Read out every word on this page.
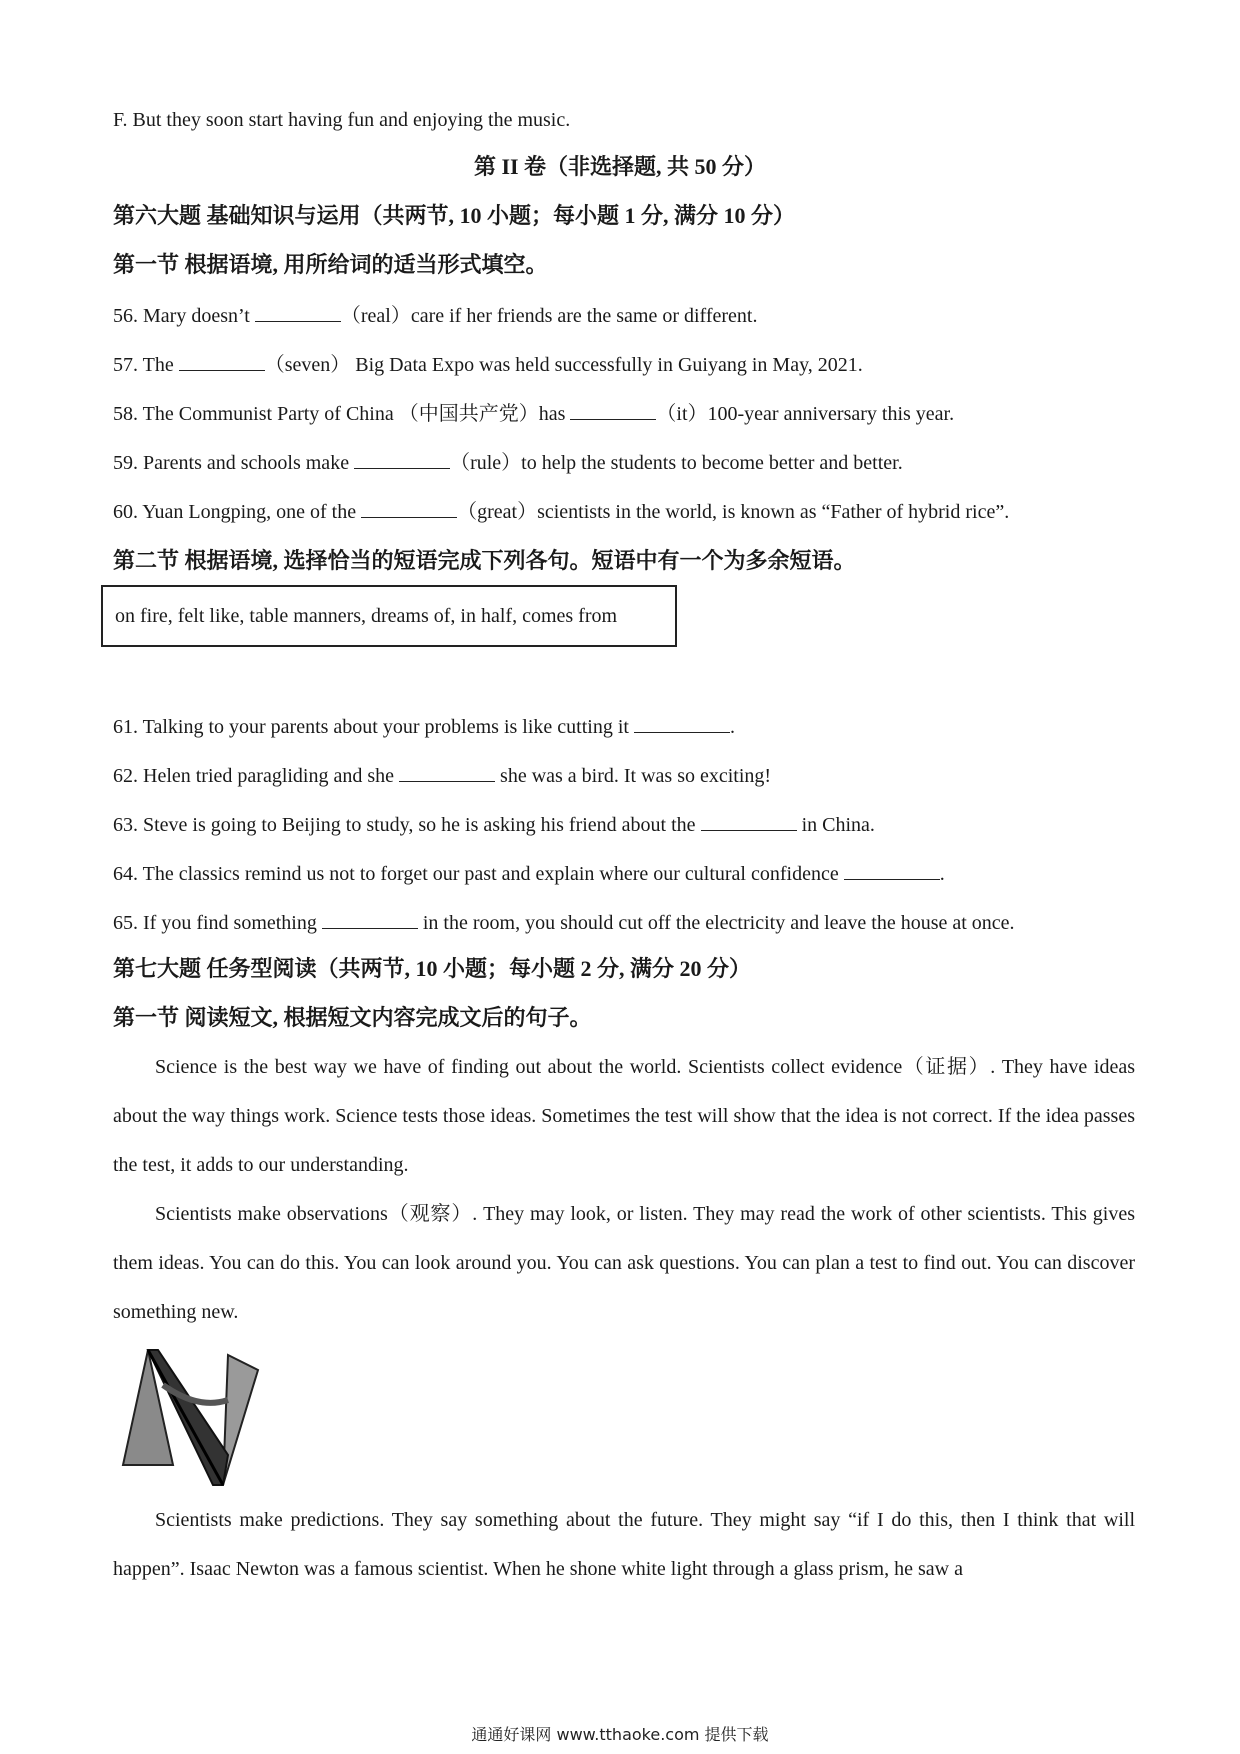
F. But they soon start having fun and enjoying the music.
第 II 卷（非选择题, 共 50 分）
第六大题 基础知识与运用（共两节, 10 小题；每小题 1 分, 满分 10 分）
第一节 根据语境, 用所给词的适当形式填空。
56. Mary doesn’t	（real）care if her friends are the same or different.
57. The	（seven） Big Data Expo was held successfully in Guiyang in May, 2021.
58. The Communist Party of China （中国共产党）has	（it）100-year anniversary this year.
59. Parents and schools make	（rule）to help the students to become better and better.
60. Yuan Longping, one of the	（great）scientists in the world, is known as “Father of hybrid rice”.
第二节 根据语境, 选择恰当的短语完成下列各句。短语中有一个为多余短语。
on fire, felt like, table manners, dreams of, in half, comes from
61. Talking to your parents about your problems is like cutting it	.
62. Helen tried paragliding and she	she was a bird. It was so exciting!
63. Steve is going to Beijing to study, so he is asking his friend about the	in China.
64. The classics remind us not to forget our past and explain where our cultural confidence	.
65. If you find something	in the room, you should cut off the electricity and leave the house at once.
第七大题 任务型阅读（共两节, 10 小题；每小题 2 分, 满分 20 分）
第一节 阅读短文, 根据短文内容完成文后的句子。
Science is the best way we have of finding out about the world. Scientists collect evidence（证据）. They have ideas about the way things work. Science tests those ideas. Sometimes the test will show that the idea is not correct. If the idea passes the test, it adds to our understanding.
Scientists make observations（观察）. They may look, or listen. They may read the work of other scientists. This gives them ideas. You can do this. You can look around you. You can ask questions. You can plan a test to find out. You can discover something new.
Scientists make predictions. They say something about the future. They might say “if I do this, then I think that will happen”. Isaac Newton was a famous scientist. When he shone white light through a glass prism, he saw a
通通好课网 www.tthaoke.com 提供下载
